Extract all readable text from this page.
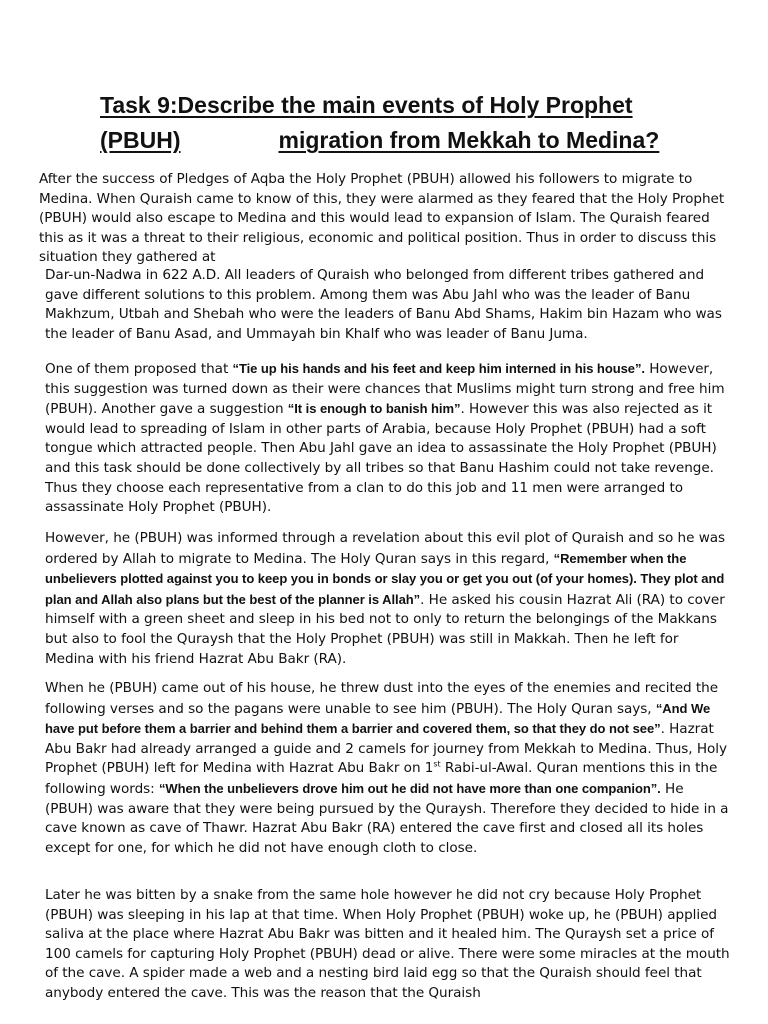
Task 9:Describe the main events of Holy Prophet
(PBUH)	migration from Mekkah to Medina?

After the success of Pledges of Aqba the Holy Prophet (PBUH) allowed his followers to migrate to Medina. When Quraish came to know of this, they were alarmed as they feared that the Holy Prophet (PBUH) would also escape to Medina and this would lead to expansion of Islam. The Quraish feared this as it was a threat to their religious, economic and political position. Thus in order to discuss this situation they gathered at

Dar-un-Nadwa in 622 A.D. All leaders of Quraish who belonged from different tribes gathered and gave different solutions to this problem. Among them was Abu Jahl who was the leader of Banu Makhzum, Utbah and Shebah who were the leaders of Banu Abd Shams, Hakim bin Hazam who was the leader of Banu Asad, and Ummayah bin Khalf who was leader of Banu Juma.

One of them proposed that “Tie up his hands and his feet and keep him interned in his house”. However, this suggestion was turned down as their were chances that Muslims might turn strong and free him (PBUH). Another gave a suggestion “It is enough to banish him”. However this was also rejected as it would lead to spreading of Islam in other parts of Arabia, because Holy Prophet (PBUH) had a soft tongue which attracted people. Then Abu Jahl gave an idea to assassinate the Holy Prophet (PBUH) and this task should be done collectively by all tribes so that Banu Hashim could not take revenge. Thus they choose each representative from a clan to do this job and 11 men were arranged to assassinate Holy Prophet (PBUH).

However, he (PBUH) was informed through a revelation about this evil plot of Quraish and so he was ordered by Allah to migrate to Medina. The Holy Quran says in this regard, “Remember when the unbelievers plotted against you to keep you in bonds or slay you or get you out (of your homes). They plot and plan and Allah also plans but the best of the planner is Allah”. He asked his cousin Hazrat Ali (RA) to cover himself with a green sheet and sleep in his bed not to only to return the belongings of the Makkans but also to fool the Quraysh that the Holy Prophet (PBUH) was still in Makkah. Then he left for Medina with his friend Hazrat Abu Bakr (RA).

When he (PBUH) came out of his house, he threw dust into the eyes of the enemies and recited the following verses and so the pagans were unable to see him (PBUH). The Holy Quran says, “And We have put before them a barrier and behind them a barrier and covered them, so that they do not see”. Hazrat Abu Bakr had already arranged a guide and 2 camels for journey from Mekkah to Medina. Thus, Holy Prophet (PBUH) left for Medina with Hazrat Abu Bakr on 1st Rabi-ul-Awal. Quran mentions this in the following words: “When the unbelievers drove him out he did not have more than one companion”. He (PBUH) was aware that they were being pursued by the Quraysh. Therefore they decided to hide in a cave known as cave of Thawr. Hazrat Abu Bakr (RA) entered the cave first and closed all its holes except for one, for which he did not have enough cloth to close.

Later he was bitten by a snake from the same hole however he did not cry because Holy Prophet (PBUH) was sleeping in his lap at that time. When Holy Prophet (PBUH) woke up, he (PBUH) applied saliva at the place where Hazrat Abu Bakr was bitten and it healed him. The Quraysh set a price of 100 camels for capturing Holy Prophet (PBUH) dead or alive. There were some miracles at the mouth of the cave. A spider made a web and a nesting bird laid egg so that the Quraish should feel that anybody entered the cave. This was the reason that the Quraish
